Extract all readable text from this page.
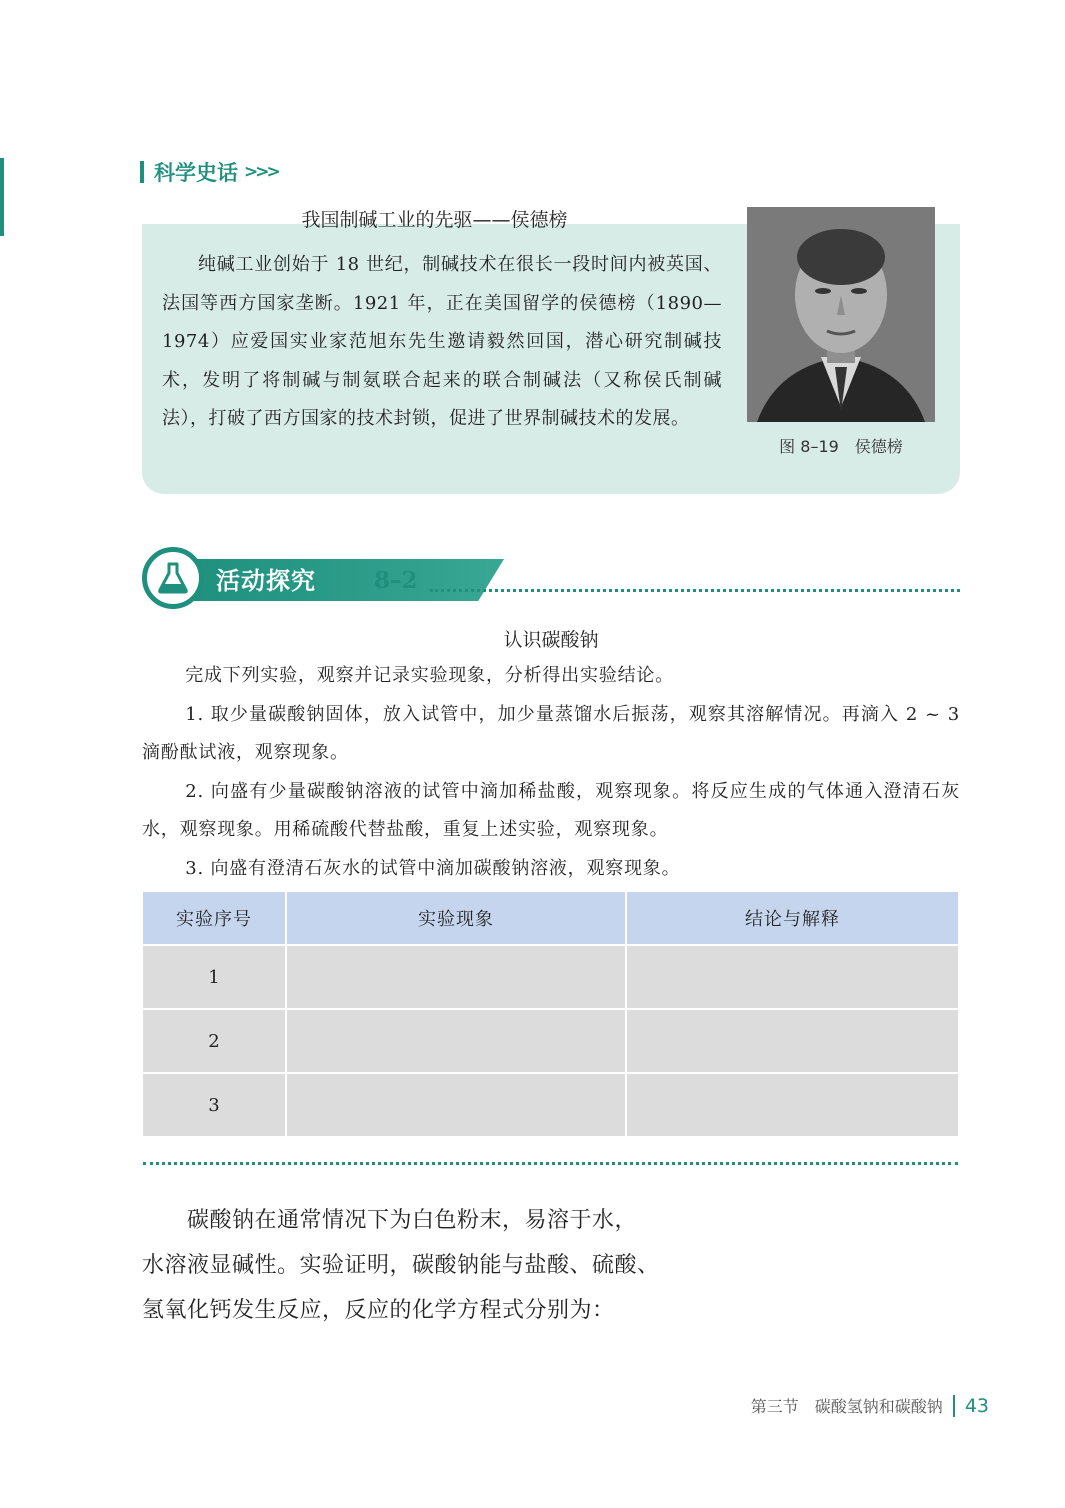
科学史话 >>>
我国制碱工业的先驱——侯德榜
纯碱工业创始于 18 世纪，制碱技术在很长一段时间内被英国、法国等西方国家垄断。1921 年，正在美国留学的侯德榜（1890—1974）应爱国实业家范旭东先生邀请毅然回国，潜心研究制碱技术，发明了将制碱与制氨联合起来的联合制碱法（又称侯氏制碱法），打破了西方国家的技术封锁，促进了世界制碱技术的发展。
图 8–19　侯德榜
活动探究	8–2
认识碳酸钠

完成下列实验，观察并记录实验现象，分析得出实验结论。

1. 取少量碳酸钠固体，放入试管中，加少量蒸馏水后振荡，观察其溶解情况。再滴入 2 ~ 3 滴酚酞试液，观察现象。

2. 向盛有少量碳酸钠溶液的试管中滴加稀盐酸，观察现象。将反应生成的气体通入澄清石灰水，观察现象。用稀硫酸代替盐酸，重复上述实验，观察现象。

3. 向盛有澄清石灰水的试管中滴加碳酸钠溶液，观察现象。

实验序号	实验现象	结论与解释
1		
2		
3		

　　碳酸钠在通常情况下为白色粉末，易溶于水，

水溶液显碱性。实验证明，碳酸钠能与盐酸、硫酸、

氢氧化钙发生反应，反应的化学方程式分别为：

第三节　碳酸氢钠和碳酸钠 43
